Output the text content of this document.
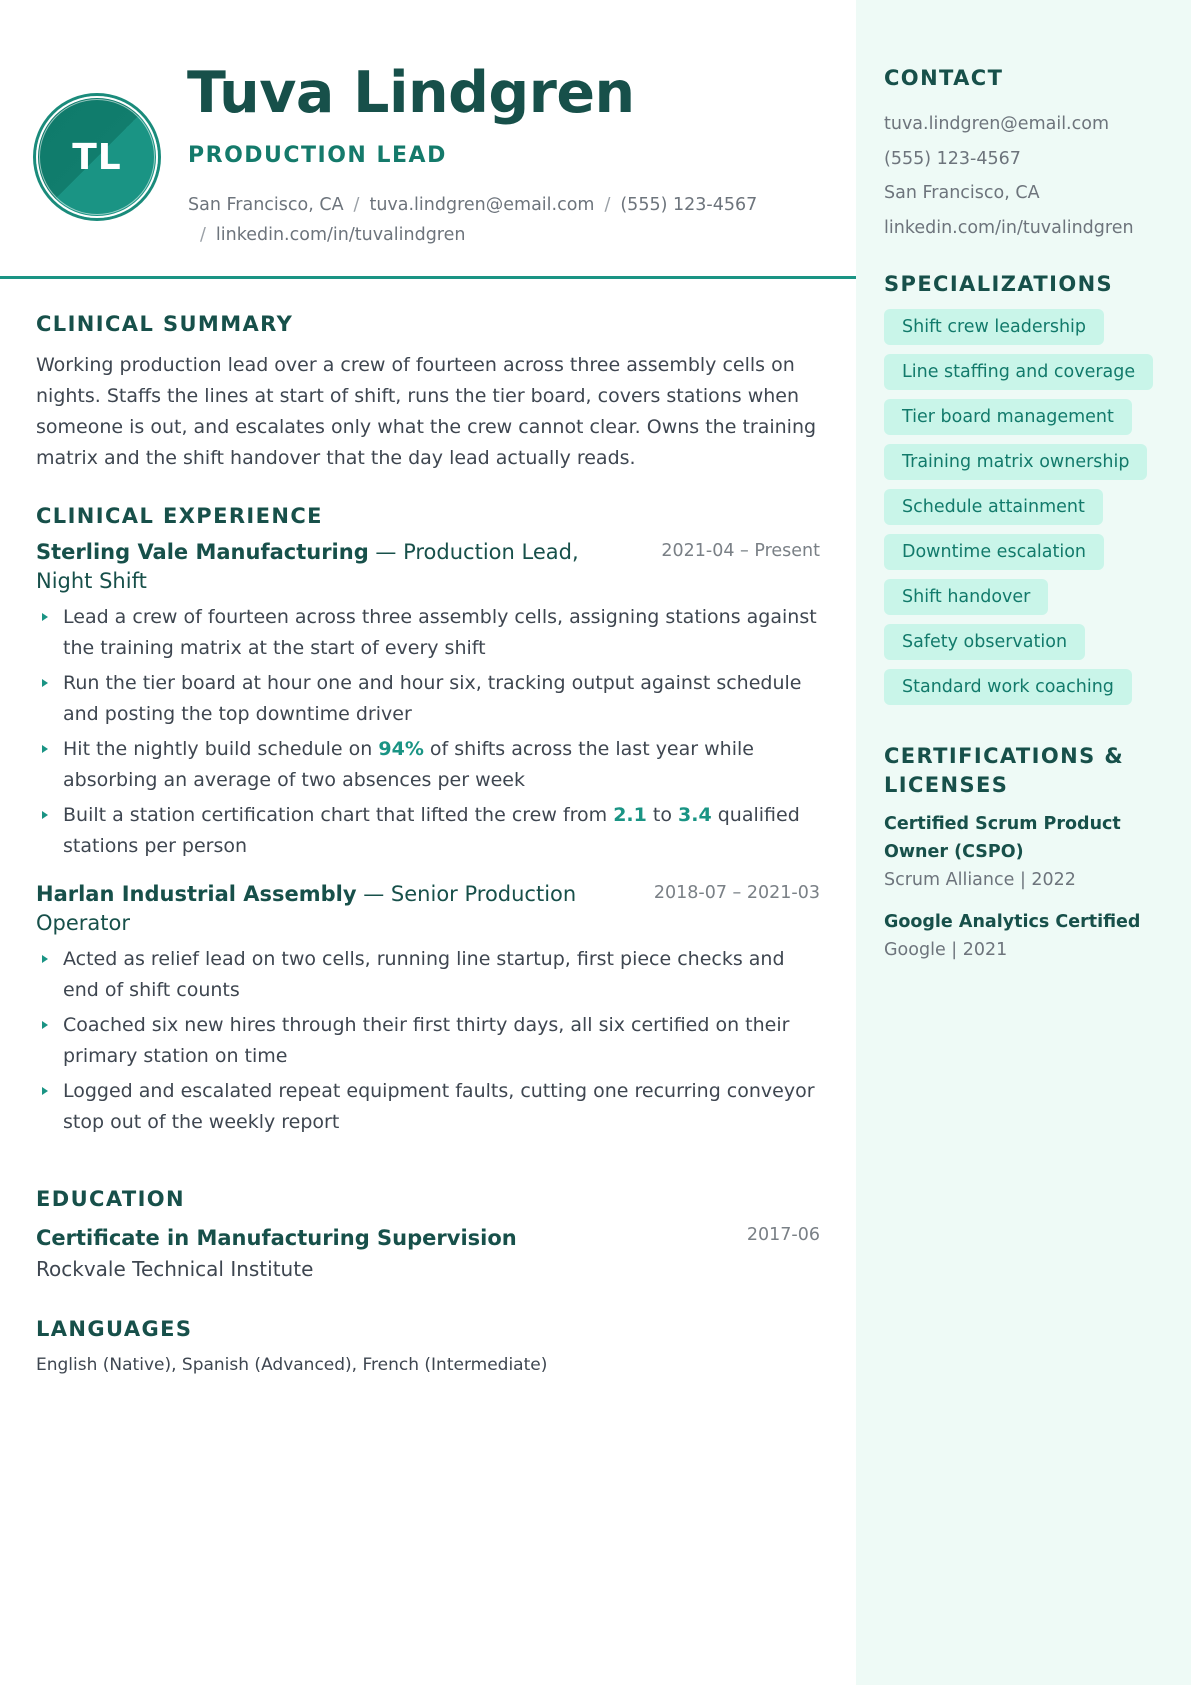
TL
Tuva Lindgren
PRODUCTION LEAD
San Francisco, CA / tuva.lindgren@email.com / (555) 123-4567
/ linkedin.com/in/tuvalindgren
CLINICAL SUMMARY

Working production lead over a crew of fourteen across three assembly cells on nights. Staffs the lines at start of shift, runs the tier board, covers stations when someone is out, and escalates only what the crew cannot clear. Owns the training matrix and the shift handover that the day lead actually reads.

CLINICAL EXPERIENCE
Sterling Vale Manufacturing — Production Lead, Night Shift
2021-04 – Present
Lead a crew of fourteen across three assembly cells, assigning stations against the training matrix at the start of every shift
Run the tier board at hour one and hour six, tracking output against schedule and posting the top downtime driver
Hit the nightly build schedule on 94% of shifts across the last year while absorbing an average of two absences per week
Built a station certification chart that lifted the crew from 2.1 to 3.4 qualified stations per person
Harlan Industrial Assembly — Senior Production Operator
2018-07 – 2021-03
Acted as relief lead on two cells, running line startup, first piece checks and end of shift counts
Coached six new hires through their first thirty days, all six certified on their primary station on time
Logged and escalated repeat equipment faults, cutting one recurring conveyor stop out of the weekly report
EDUCATION
Certificate in Manufacturing Supervision	2017-06
Rockvale Technical Institute
LANGUAGES

English (Native), Spanish (Advanced), French (Intermediate)

CONTACT
tuva.lindgren@email.com
(555) 123-4567
San Francisco, CA
linkedin.com/in/tuvalindgren
SPECIALIZATIONS
Shift crew leadership
Line staffing and coverage
Tier board management
Training matrix ownership
Schedule attainment
Downtime escalation
Shift handover
Safety observation
Standard work coaching
CERTIFICATIONS & LICENSES
Certified Scrum Product Owner (CSPO)
Scrum Alliance | 2022
Google Analytics Certified
Google | 2021
